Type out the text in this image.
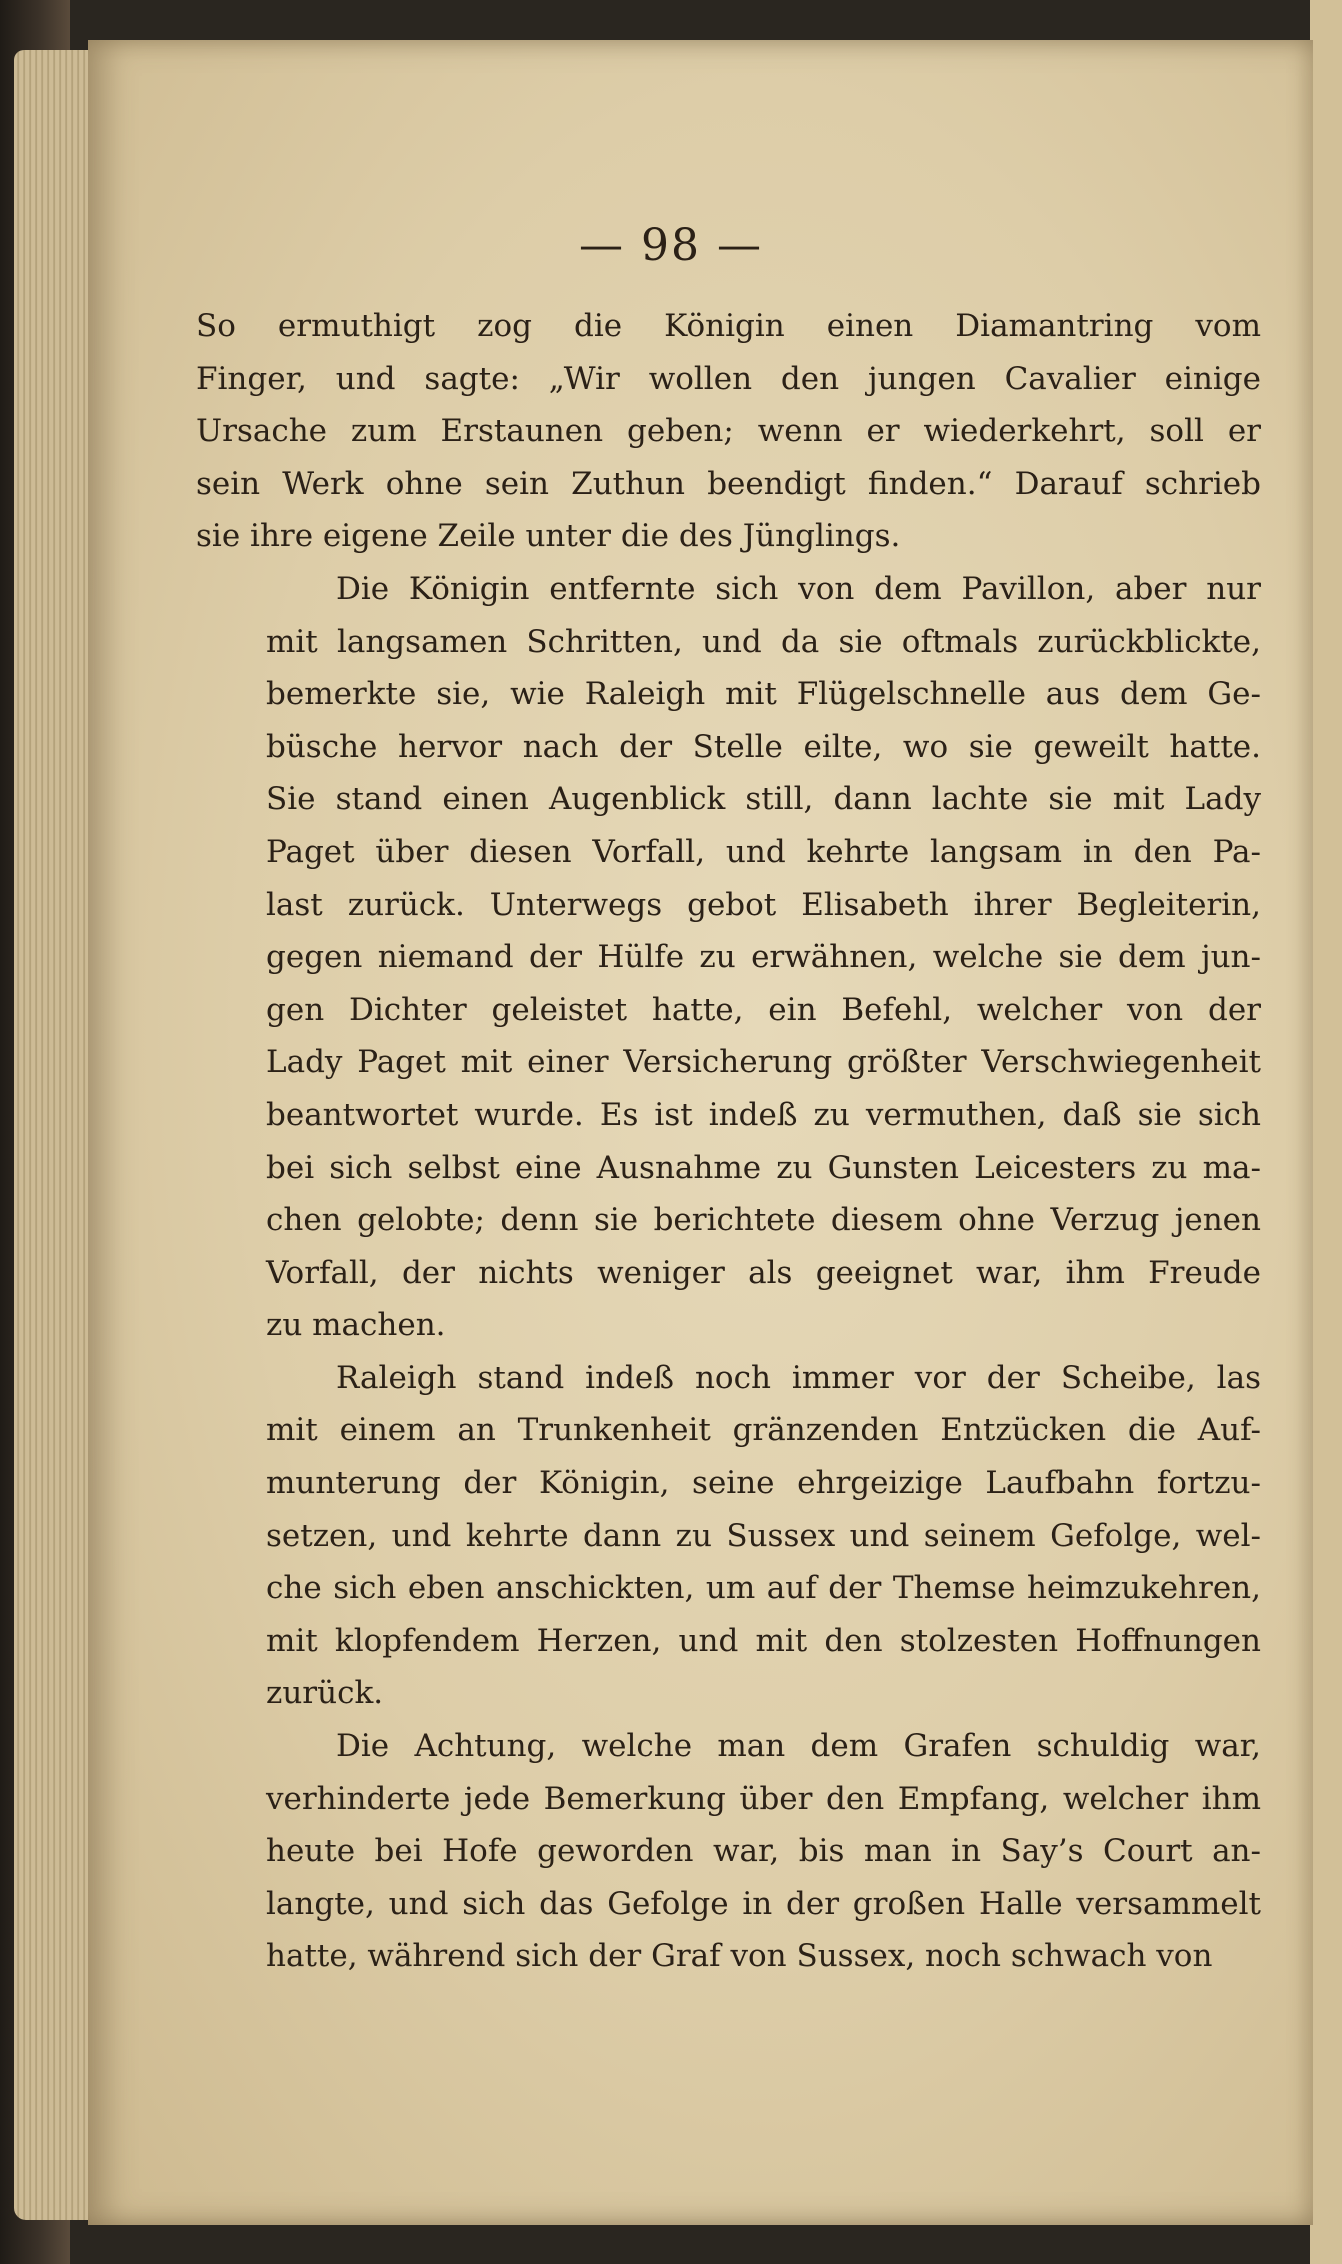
— 98 —

So ermuthigt zog die Königin einen Diamantring vom
Finger, und sagte: „Wir wollen den jungen Cavalier einige
Ursache zum Erstaunen geben; wenn er wiederkehrt, soll er
sein Werk ohne sein Zuthun beendigt finden.“ Darauf schrieb
sie ihre eigene Zeile unter die des Jünglings.

Die Königin entfernte sich von dem Pavillon, aber nur
mit langsamen Schritten, und da sie oftmals zurückblickte,
bemerkte sie, wie Raleigh mit Flügelschnelle aus dem Ge-
büsche hervor nach der Stelle eilte, wo sie geweilt hatte.
Sie stand einen Augenblick still, dann lachte sie mit Lady
Paget über diesen Vorfall, und kehrte langsam in den Pa-
last zurück. Unterwegs gebot Elisabeth ihrer Begleiterin,
gegen niemand der Hülfe zu erwähnen, welche sie dem jun-
gen Dichter geleistet hatte, ein Befehl, welcher von der
Lady Paget mit einer Versicherung größter Verschwiegenheit
beantwortet wurde. Es ist indeß zu vermuthen, daß sie sich
bei sich selbst eine Ausnahme zu Gunsten Leicesters zu ma-
chen gelobte; denn sie berichtete diesem ohne Verzug jenen
Vorfall, der nichts weniger als geeignet war, ihm Freude
zu machen.

Raleigh stand indeß noch immer vor der Scheibe, las
mit einem an Trunkenheit gränzenden Entzücken die Auf-
munterung der Königin, seine ehrgeizige Laufbahn fortzu-
setzen, und kehrte dann zu Sussex und seinem Gefolge, wel-
che sich eben anschickten, um auf der Themse heimzukehren,
mit klopfendem Herzen, und mit den stolzesten Hoffnungen
zurück.

Die Achtung, welche man dem Grafen schuldig war,
verhinderte jede Bemerkung über den Empfang, welcher ihm
heute bei Hofe geworden war, bis man in Say’s Court an-
langte, und sich das Gefolge in der großen Halle versammelt
hatte, während sich der Graf von Sussex, noch schwach von
